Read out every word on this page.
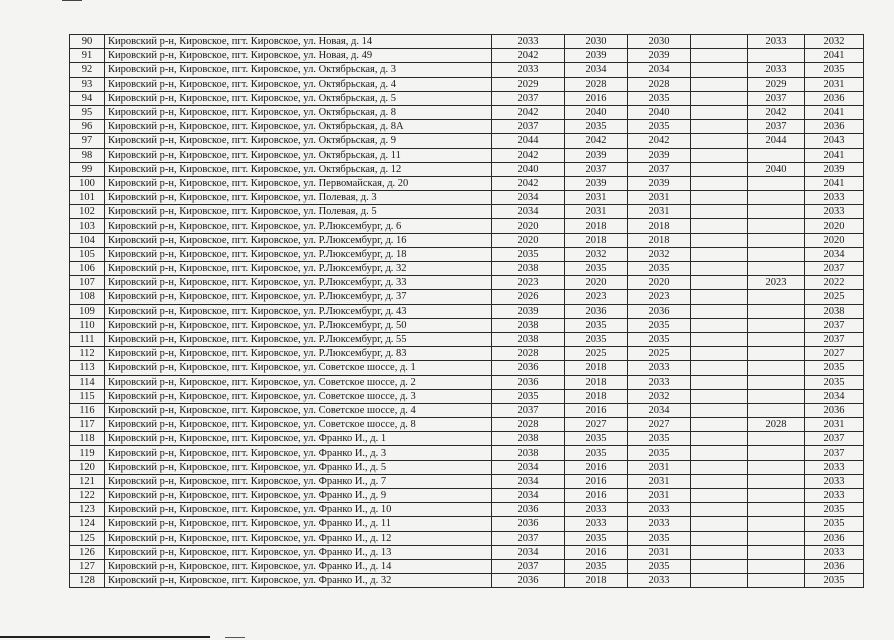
90	Кировский р-н, Кировское, пгт. Кировское, ул. Новая, д. 14	2033	2030	2030		2033	2032
91	Кировский р-н, Кировское, пгт. Кировское, ул. Новая, д. 49	2042	2039	2039			2041
92	Кировский р-н, Кировское, пгт. Кировское, ул. Октябрьская, д. 3	2033	2034	2034		2033	2035
93	Кировский р-н, Кировское, пгт. Кировское, ул. Октябрьская, д. 4	2029	2028	2028		2029	2031
94	Кировский р-н, Кировское, пгт. Кировское, ул. Октябрьская, д. 5	2037	2016	2035		2037	2036
95	Кировский р-н, Кировское, пгт. Кировское, ул. Октябрьская, д. 8	2042	2040	2040		2042	2041
96	Кировский р-н, Кировское, пгт. Кировское, ул. Октябрьская, д. 8А	2037	2035	2035		2037	2036
97	Кировский р-н, Кировское, пгт. Кировское, ул. Октябрьская, д. 9	2044	2042	2042		2044	2043
98	Кировский р-н, Кировское, пгт. Кировское, ул. Октябрьская, д. 11	2042	2039	2039			2041
99	Кировский р-н, Кировское, пгт. Кировское, ул. Октябрьская, д. 12	2040	2037	2037		2040	2039
100	Кировский р-н, Кировское, пгт. Кировское, ул. Первомайская, д. 20	2042	2039	2039			2041
101	Кировский р-н, Кировское, пгт. Кировское, ул. Полевая, д. 3	2034	2031	2031			2033
102	Кировский р-н, Кировское, пгт. Кировское, ул. Полевая, д. 5	2034	2031	2031			2033
103	Кировский р-н, Кировское, пгт. Кировское, ул. Р.Люксембург, д. 6	2020	2018	2018			2020
104	Кировский р-н, Кировское, пгт. Кировское, ул. Р.Люксембург, д. 16	2020	2018	2018			2020
105	Кировский р-н, Кировское, пгт. Кировское, ул. Р.Люксембург, д. 18	2035	2032	2032			2034
106	Кировский р-н, Кировское, пгт. Кировское, ул. Р.Люксембург, д. 32	2038	2035	2035			2037
107	Кировский р-н, Кировское, пгт. Кировское, ул. Р.Люксембург, д. 33	2023	2020	2020		2023	2022
108	Кировский р-н, Кировское, пгт. Кировское, ул. Р.Люксембург, д. 37	2026	2023	2023			2025
109	Кировский р-н, Кировское, пгт. Кировское, ул. Р.Люксембург, д. 43	2039	2036	2036			2038
110	Кировский р-н, Кировское, пгт. Кировское, ул. Р.Люксембург, д. 50	2038	2035	2035			2037
111	Кировский р-н, Кировское, пгт. Кировское, ул. Р.Люксембург, д. 55	2038	2035	2035			2037
112	Кировский р-н, Кировское, пгт. Кировское, ул. Р.Люксембург, д. 83	2028	2025	2025			2027
113	Кировский р-н, Кировское, пгт. Кировское, ул. Советское шоссе, д. 1	2036	2018	2033			2035
114	Кировский р-н, Кировское, пгт. Кировское, ул. Советское шоссе, д. 2	2036	2018	2033			2035
115	Кировский р-н, Кировское, пгт. Кировское, ул. Советское шоссе, д. 3	2035	2018	2032			2034
116	Кировский р-н, Кировское, пгт. Кировское, ул. Советское шоссе, д. 4	2037	2016	2034			2036
117	Кировский р-н, Кировское, пгт. Кировское, ул. Советское шоссе, д. 8	2028	2027	2027		2028	2031
118	Кировский р-н, Кировское, пгт. Кировское, ул. Франко И., д. 1	2038	2035	2035			2037
119	Кировский р-н, Кировское, пгт. Кировское, ул. Франко И., д. 3	2038	2035	2035			2037
120	Кировский р-н, Кировское, пгт. Кировское, ул. Франко И., д. 5	2034	2016	2031			2033
121	Кировский р-н, Кировское, пгт. Кировское, ул. Франко И., д. 7	2034	2016	2031			2033
122	Кировский р-н, Кировское, пгт. Кировское, ул. Франко И., д. 9	2034	2016	2031			2033
123	Кировский р-н, Кировское, пгт. Кировское, ул. Франко И., д. 10	2036	2033	2033			2035
124	Кировский р-н, Кировское, пгт. Кировское, ул. Франко И., д. 11	2036	2033	2033			2035
125	Кировский р-н, Кировское, пгт. Кировское, ул. Франко И., д. 12	2037	2035	2035			2036
126	Кировский р-н, Кировское, пгт. Кировское, ул. Франко И., д. 13	2034	2016	2031			2033
127	Кировский р-н, Кировское, пгт. Кировское, ул. Франко И., д. 14	2037	2035	2035			2036
128	Кировский р-н, Кировское, пгт. Кировское, ул. Франко И., д. 32	2036	2018	2033			2035
